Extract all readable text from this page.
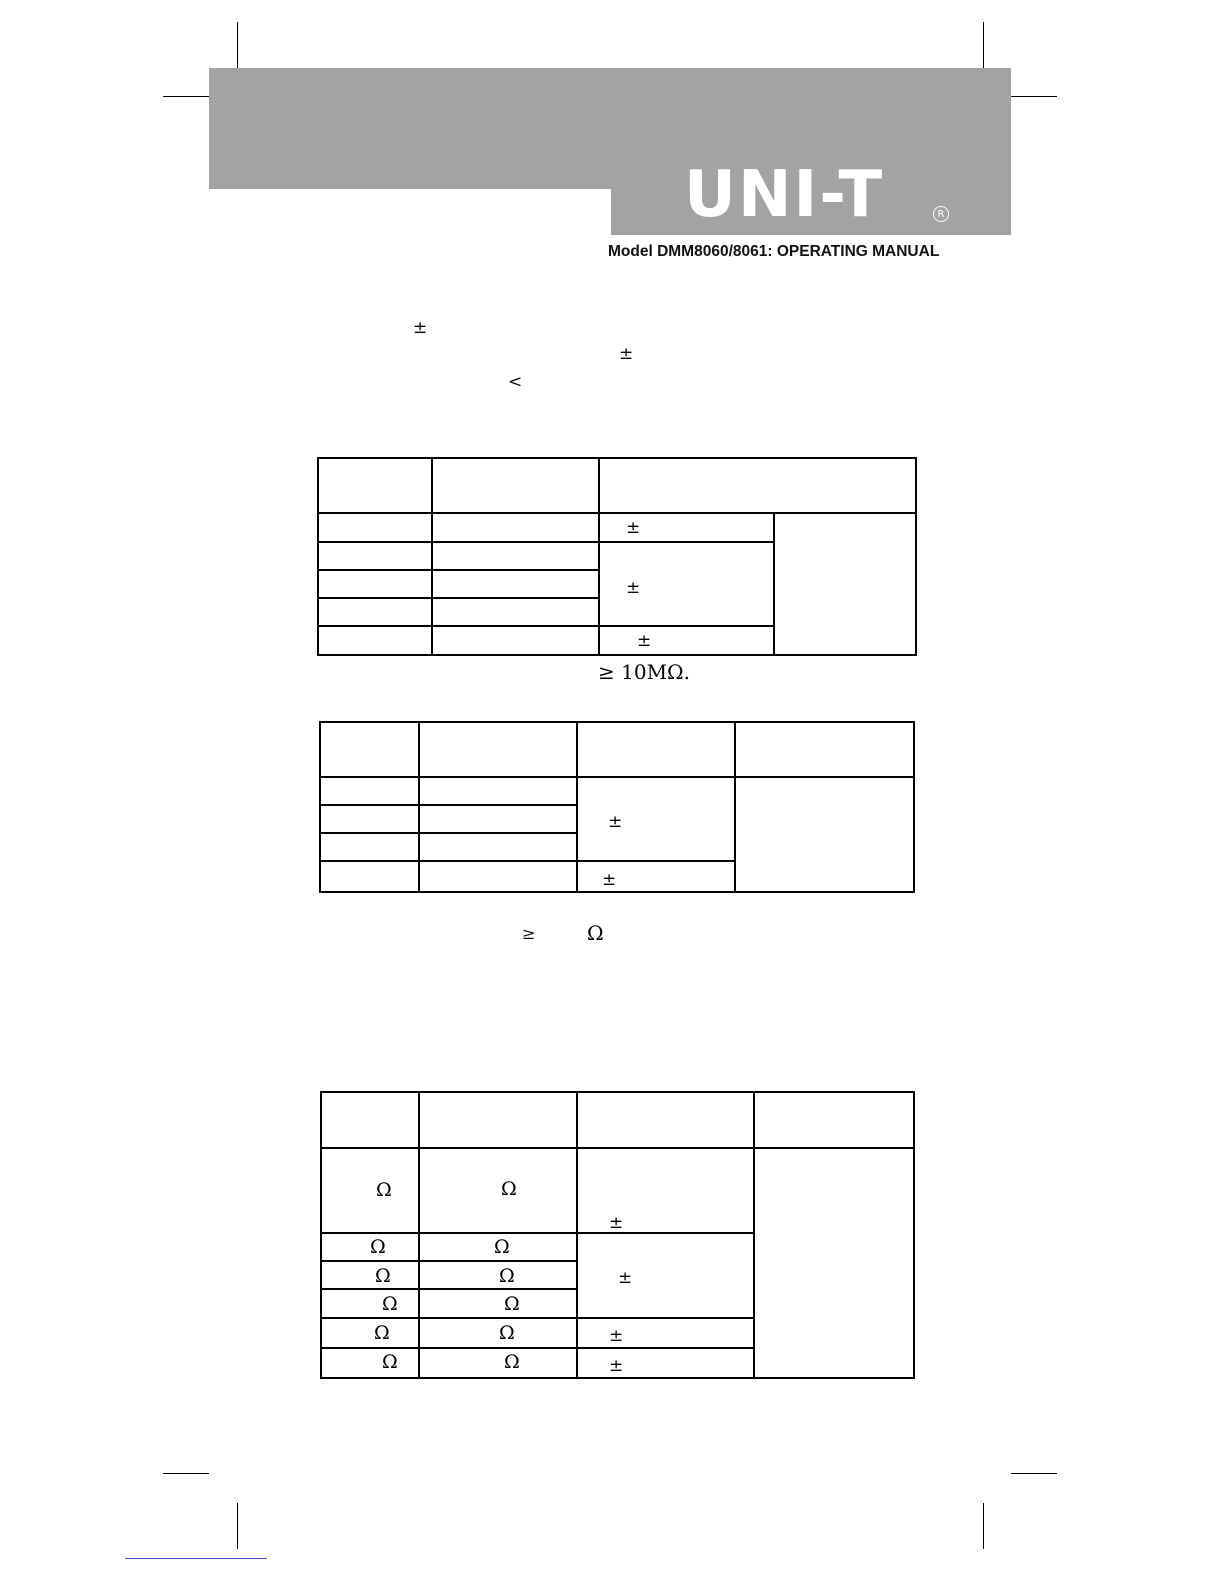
UNI-T	R
Model DMM8060/8061: OPERATING MANUAL
±
±
<

		±	

		±	

		±	
≥ 10MΩ.

		±	

		±	
≥	Ω

Ω	Ω	±	

Ω	Ω	±	

Ω	Ω		

Ω	Ω		

Ω	Ω	±	

Ω	Ω	±	
